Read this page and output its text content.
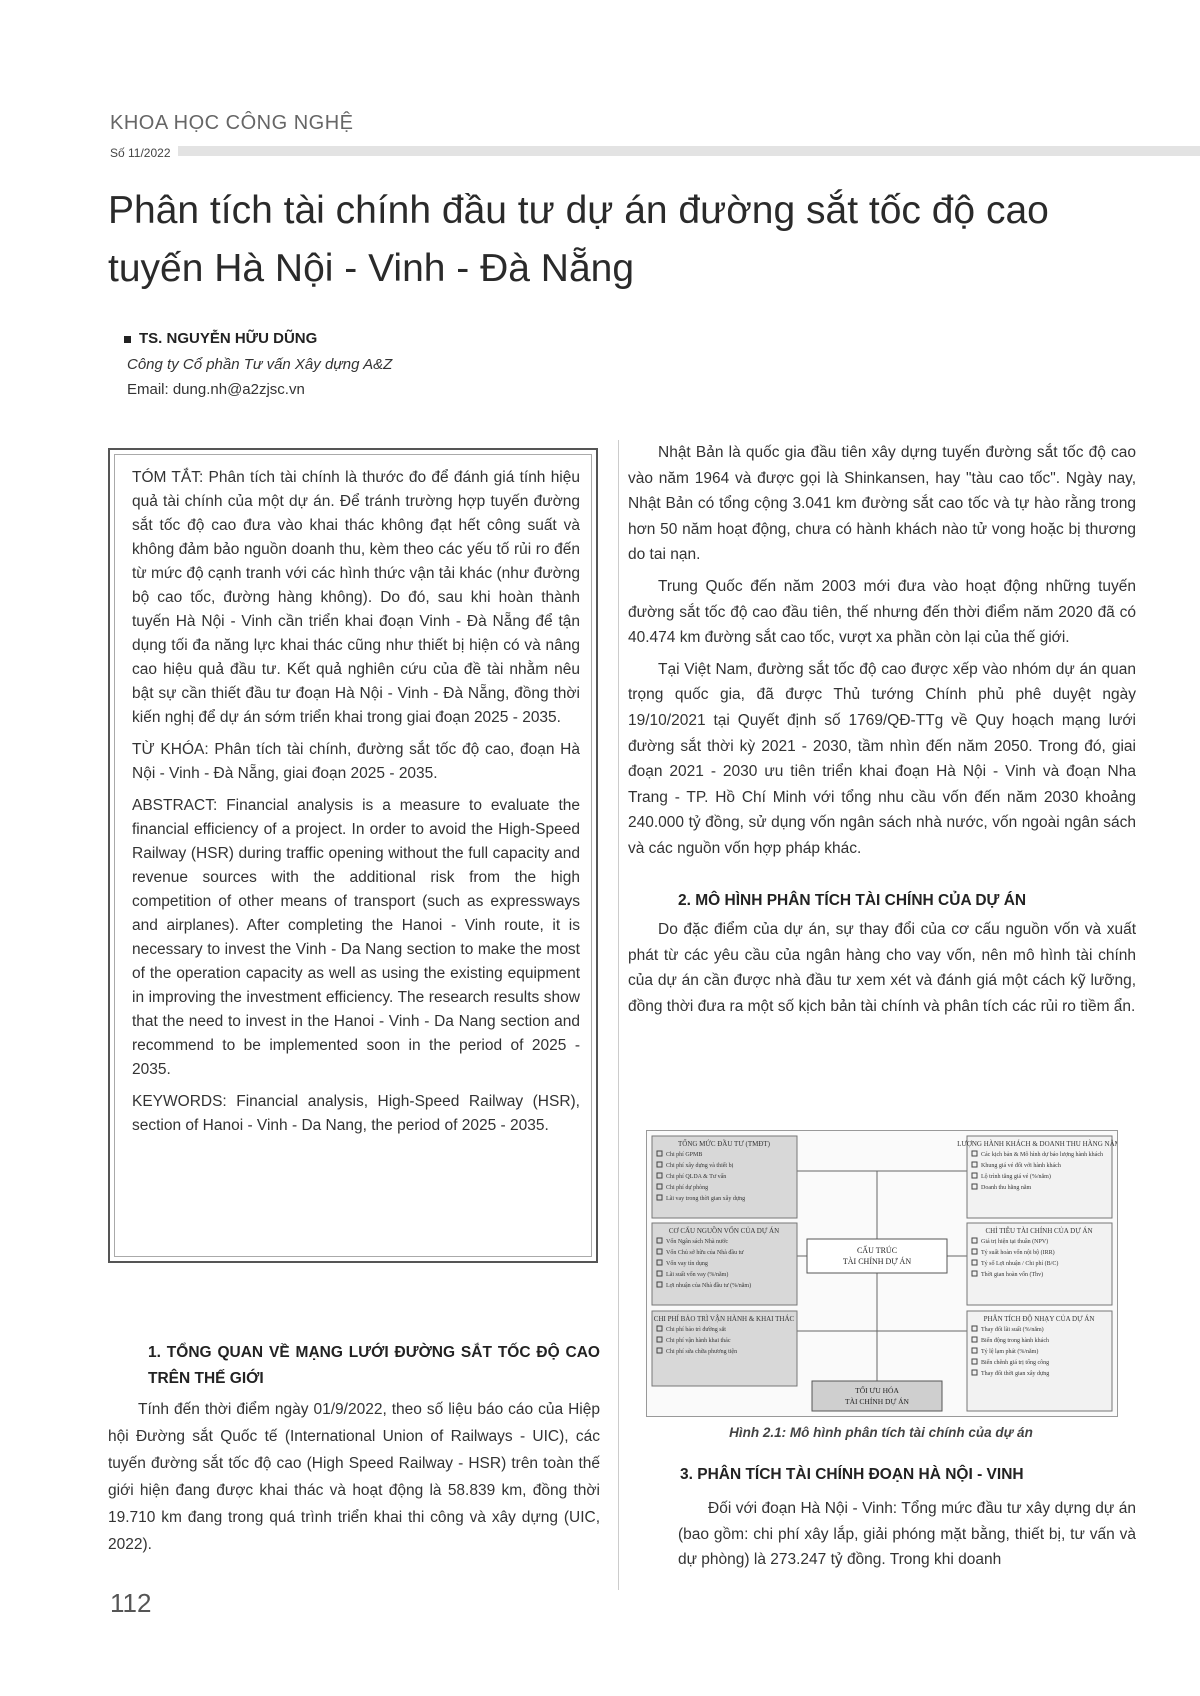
KHOA HỌC CÔNG NGHỆ
Số 11/2022
Phân tích tài chính đầu tư dự án đường sắt tốc độ cao tuyến Hà Nội - Vinh - Đà Nẵng
TS. NGUYỄN HỮU DŨNG
Công ty Cổ phần Tư vấn Xây dựng A&Z
Email: dung.nh@a2zjsc.vn

TÓM TẮT: Phân tích tài chính là thước đo để đánh giá tính hiệu quả tài chính của một dự án. Để tránh trường hợp tuyến đường sắt tốc độ cao đưa vào khai thác không đạt hết công suất và không đảm bảo nguồn doanh thu, kèm theo các yếu tố rủi ro đến từ mức độ cạnh tranh với các hình thức vận tải khác (như đường bộ cao tốc, đường hàng không). Do đó, sau khi hoàn thành tuyến Hà Nội - Vinh cần triển khai đoạn Vinh - Đà Nẵng để tận dụng tối đa năng lực khai thác cũng như thiết bị hiện có và nâng cao hiệu quả đầu tư. Kết quả nghiên cứu của đề tài nhằm nêu bật sự cần thiết đầu tư đoạn Hà Nội - Vinh - Đà Nẵng, đồng thời kiến nghị để dự án sớm triển khai trong giai đoạn 2025 - 2035.

TỪ KHÓA: Phân tích tài chính, đường sắt tốc độ cao, đoạn Hà Nội - Vinh - Đà Nẵng, giai đoạn 2025 - 2035.

ABSTRACT: Financial analysis is a measure to evaluate the financial efficiency of a project. In order to avoid the High-Speed Railway (HSR) during traffic opening without the full capacity and revenue sources with the additional risk from the high competition of other means of transport (such as expressways and airplanes). After completing the Hanoi - Vinh route, it is necessary to invest the Vinh - Da Nang section to make the most of the operation capacity as well as using the existing equipment in improving the investment efficiency. The research results show that the need to invest in the Hanoi - Vinh - Da Nang section and recommend to be implemented soon in the period of 2025 - 2035.

KEYWORDS: Financial analysis, High-Speed Railway (HSR), section of Hanoi - Vinh - Da Nang, the period of 2025 - 2035.

1. TỔNG QUAN VỀ MẠNG LƯỚI ĐƯỜNG SẮT TỐC ĐỘ CAO TRÊN THẾ GIỚI

Tính đến thời điểm ngày 01/9/2022, theo số liệu báo cáo của Hiệp hội Đường sắt Quốc tế (International Union of Railways - UIC), các tuyến đường sắt tốc độ cao (High Speed Railway - HSR) trên toàn thế giới hiện đang được khai thác và hoạt động là 58.839 km, đồng thời 19.710 km đang trong quá trình triển khai thi công và xây dựng (UIC, 2022).

Nhật Bản là quốc gia đầu tiên xây dựng tuyến đường sắt tốc độ cao vào năm 1964 và được gọi là Shinkansen, hay "tàu cao tốc". Ngày nay, Nhật Bản có tổng cộng 3.041 km đường sắt cao tốc và tự hào rằng trong hơn 50 năm hoạt động, chưa có hành khách nào tử vong hoặc bị thương do tai nạn.

Trung Quốc đến năm 2003 mới đưa vào hoạt động những tuyến đường sắt tốc độ cao đầu tiên, thế nhưng đến thời điểm năm 2020 đã có 40.474 km đường sắt cao tốc, vượt xa phần còn lại của thế giới.

Tại Việt Nam, đường sắt tốc độ cao được xếp vào nhóm dự án quan trọng quốc gia, đã được Thủ tướng Chính phủ phê duyệt ngày 19/10/2021 tại Quyết định số 1769/QĐ-TTg về Quy hoạch mạng lưới đường sắt thời kỳ 2021 - 2030, tầm nhìn đến năm 2050. Trong đó, giai đoạn 2021 - 2030 ưu tiên triển khai đoạn Hà Nội - Vinh và đoạn Nha Trang - TP. Hồ Chí Minh với tổng nhu cầu vốn đến năm 2030 khoảng 240.000 tỷ đồng, sử dụng vốn ngân sách nhà nước, vốn ngoài ngân sách và các nguồn vốn hợp pháp khác.

2. MÔ HÌNH PHÂN TÍCH TÀI CHÍNH CỦA DỰ ÁN

Do đặc điểm của dự án, sự thay đổi của cơ cấu nguồn vốn và xuất phát từ các yêu cầu của ngân hàng cho vay vốn, nên mô hình tài chính của dự án cần được nhà đầu tư xem xét và đánh giá một cách kỹ lưỡng, đồng thời đưa ra một số kịch bản tài chính và phân tích các rủi ro tiềm ẩn.

TỔNG MỨC ĐẦU TƯ (TMĐT)
CƠ CẤU NGUỒN VỐN CỦA DỰ ÁN
CHI PHÍ BẢO TRÌ VẬN HÀNH & KHAI THÁC
LƯỢNG HÀNH KHÁCH & DOANH THU HÀNG NĂM
CHỈ TIÊU TÀI CHÍNH CỦA DỰ ÁN
PHÂN TÍCH ĐỘ NHẠY CỦA DỰ ÁN
CẤU TRÚC
TÀI CHÍNH DỰ ÁN
TỐI ƯU HÓA
TÀI CHÍNH DỰ ÁN
Chi phí GPMB
Chi phí xây dựng và thiết bị
Chi phí QLDA & Tư vấn
Chi phí dự phòng
Lãi vay trong thời gian xây dựng
Vốn Ngân sách Nhà nước
Vốn Chủ sở hữu của Nhà đầu tư
Vốn vay tín dụng
Lãi suất vốn vay (%/năm)
Lợi nhuận của Nhà đầu tư (%/năm)
Chi phí bảo trì đường sắt
Chi phí vận hành khai thác
Chi phí sửa chữa phương tiện
Các kịch bản & Mô hình dự báo lượng hành khách
Khung giá vé đối với hành khách
Lộ trình tăng giá vé (%/năm)
Doanh thu hằng năm
Giá trị hiện tại thuần (NPV)
Tỷ suất hoàn vốn nội bộ (IRR)
Tỷ số Lợi nhuận / Chi phí (B/C)
Thời gian hoàn vốn (Thv)
Thay đổi lãi suất (%/năm)
Biến động trong hành khách
Tỷ lệ lạm phát (%/năm)
Biến chênh giá trị tổng công
Thay đổi thời gian xây dựng
Hình 2.1: Mô hình phân tích tài chính của dự án
3. PHÂN TÍCH TÀI CHÍNH ĐOẠN HÀ NỘI - VINH

Đối với đoạn Hà Nội - Vinh: Tổng mức đầu tư xây dựng dự án (bao gồm: chi phí xây lắp, giải phóng mặt bằng, thiết bị, tư vấn và dự phòng) là 273.247 tỷ đồng. Trong khi doanh

112
